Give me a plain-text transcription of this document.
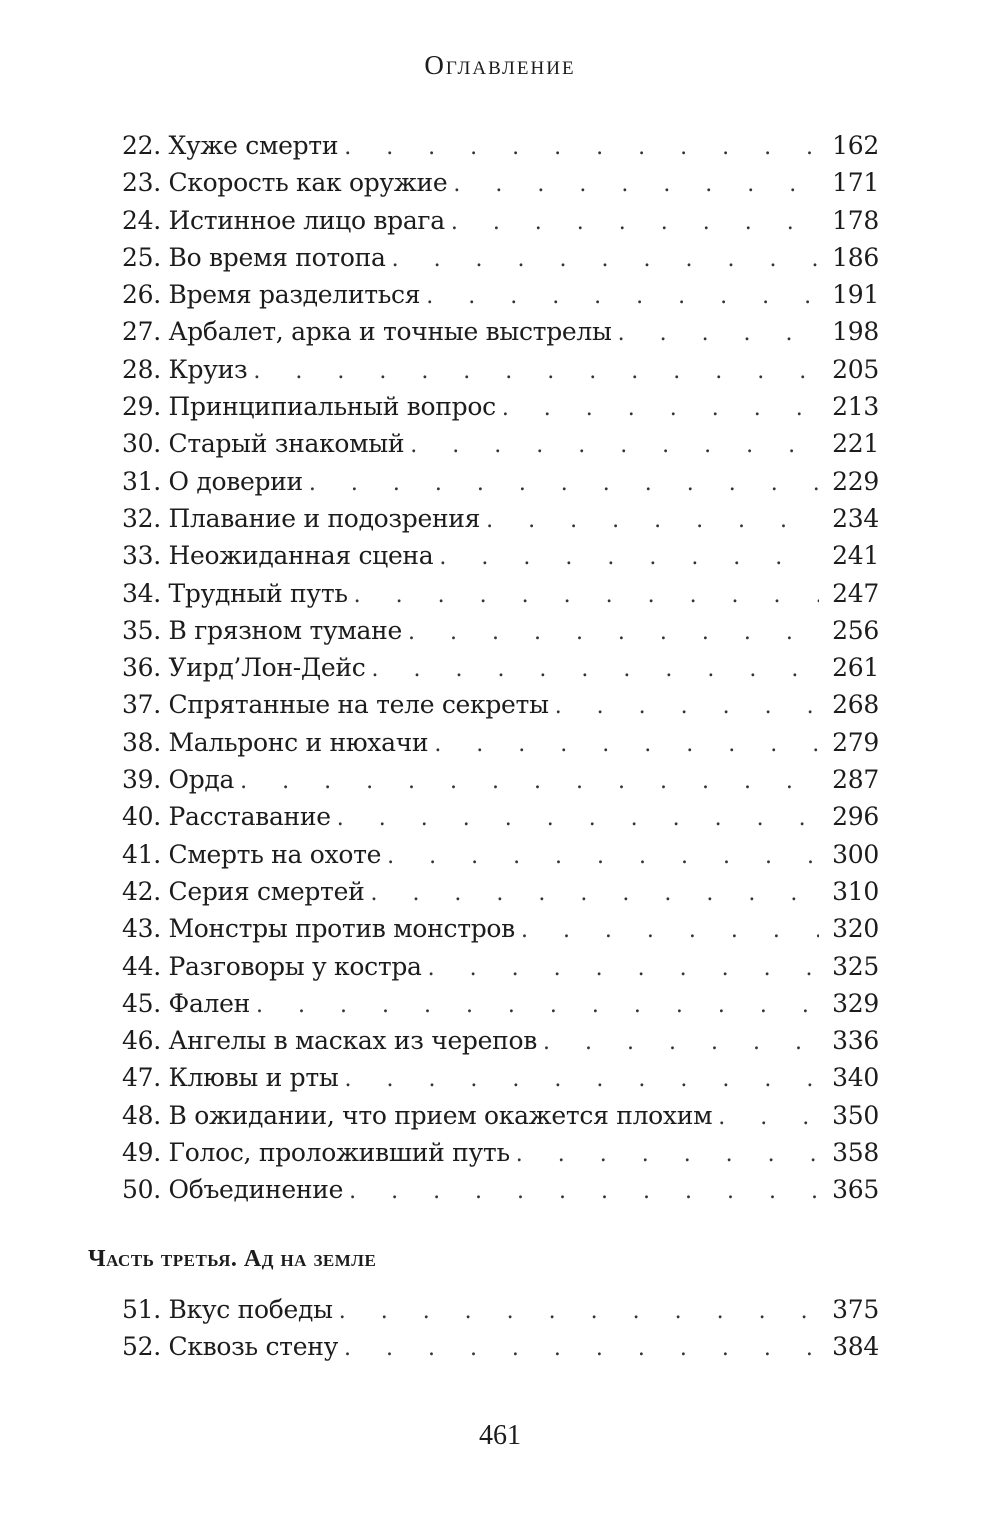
Оглавление
22. Хуже смерти . . .	162
23. Скорость как оружие . . .	171
24. Истинное лицо врага . . .	178
25. Во время потопа . . .	186
26. Время разделиться . . .	191
27. Арбалет, арка и точные выстрелы . . .	198
28. Круиз . . .	205
29. Принципиальный вопрос . . .	213
30. Старый знакомый . . .	221
31. О доверии . . .	229
32. Плавание и подозрения . . .	234
33. Неожиданная сцена . . .	241
34. Трудный путь . . .	247
35. В грязном тумане . . .	256
36. Уирд’Лон-Дейс . . .	261
37. Спрятанные на теле секреты . . .	268
38. Мальронс и нюхачи . . .	279
39. Орда . . .	287
40. Расставание . . .	296
41. Смерть на охоте . . .	300
42. Серия смертей . . .	310
43. Монстры против монстров . . .	320
44. Разговоры у костра . . .	325
45. Фален . . .	329
46. Ангелы в масках из черепов . . .	336
47. Клювы и рты . . .	340
48. В ожидании, что прием окажется плохим . . .	350
49. Голос, проложивший путь . . .	358
50. Объединение . . .	365
Часть третья. Ад на земле
51. Вкус победы . . .	375
52. Сквозь стену . . .	384
461
